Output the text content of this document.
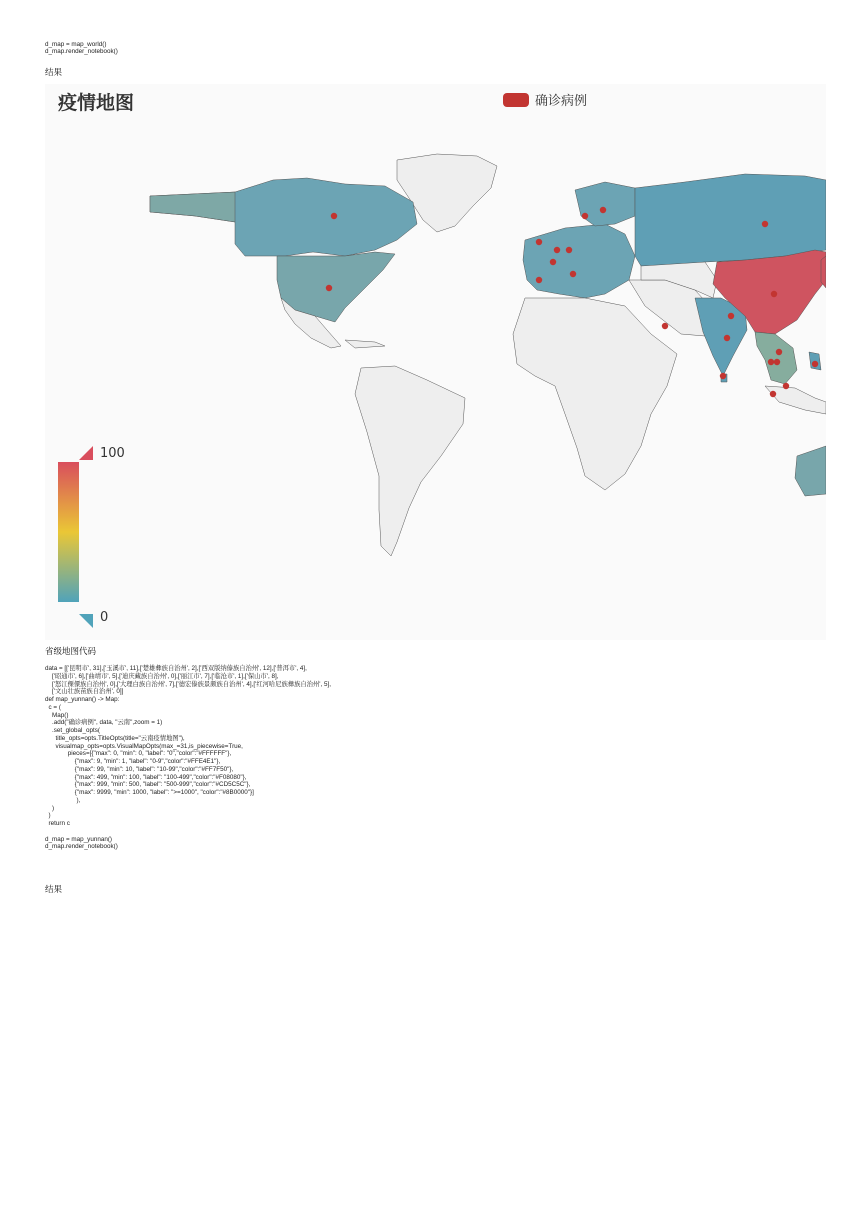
d_map = map_world()
d_map.render_notebook()
结果
疫情地图	确诊病例
100
0
省级地图代码
data = [['昆明市', 31],['玉溪市', 11],['楚雄彝族自治州', 2],['西双版纳傣族自治州', 12],['普洱市', 4],
['昭通市', 6],['曲靖市', 5],['迪庆藏族自治州', 0],['丽江市', 7],['临沧市', 1],['保山市', 8],
['怒江傈僳族自治州', 0],['大理白族自治州', 7],['德宏傣族景颇族自治州', 4],['红河哈尼族彝族自治州', 5],
['文山壮族苗族自治州', 0]]
def map_yunnan() -> Map:
c = (
Map()
.add("确诊病例", data, "云南",zoom = 1)
.set_global_opts(
title_opts=opts.TitleOpts(title="云南疫情地图"),
visualmap_opts=opts.VisualMapOpts(max_=31,is_piecewise=True,
pieces=[{"max": 0, "min": 0, "label": "0","color":"#FFFFFF"},
{"max": 9, "min": 1, "label": "0-9","color":"#FFE4E1"},
{"max": 99, "min": 10, "label": "10-99","color":"#FF7F50"},
{"max": 499, "min": 100, "label": "100-499","color":"#F08080"},
{"max": 999, "min": 500, "label": "500-999","color":"#CD5C5C"},
{"max": 9999, "min": 1000, "label": ">=1000", "color":"#8B0000"}]
),
)
)
return c
d_map = map_yunnan()
d_map.render_notebook()
结果
